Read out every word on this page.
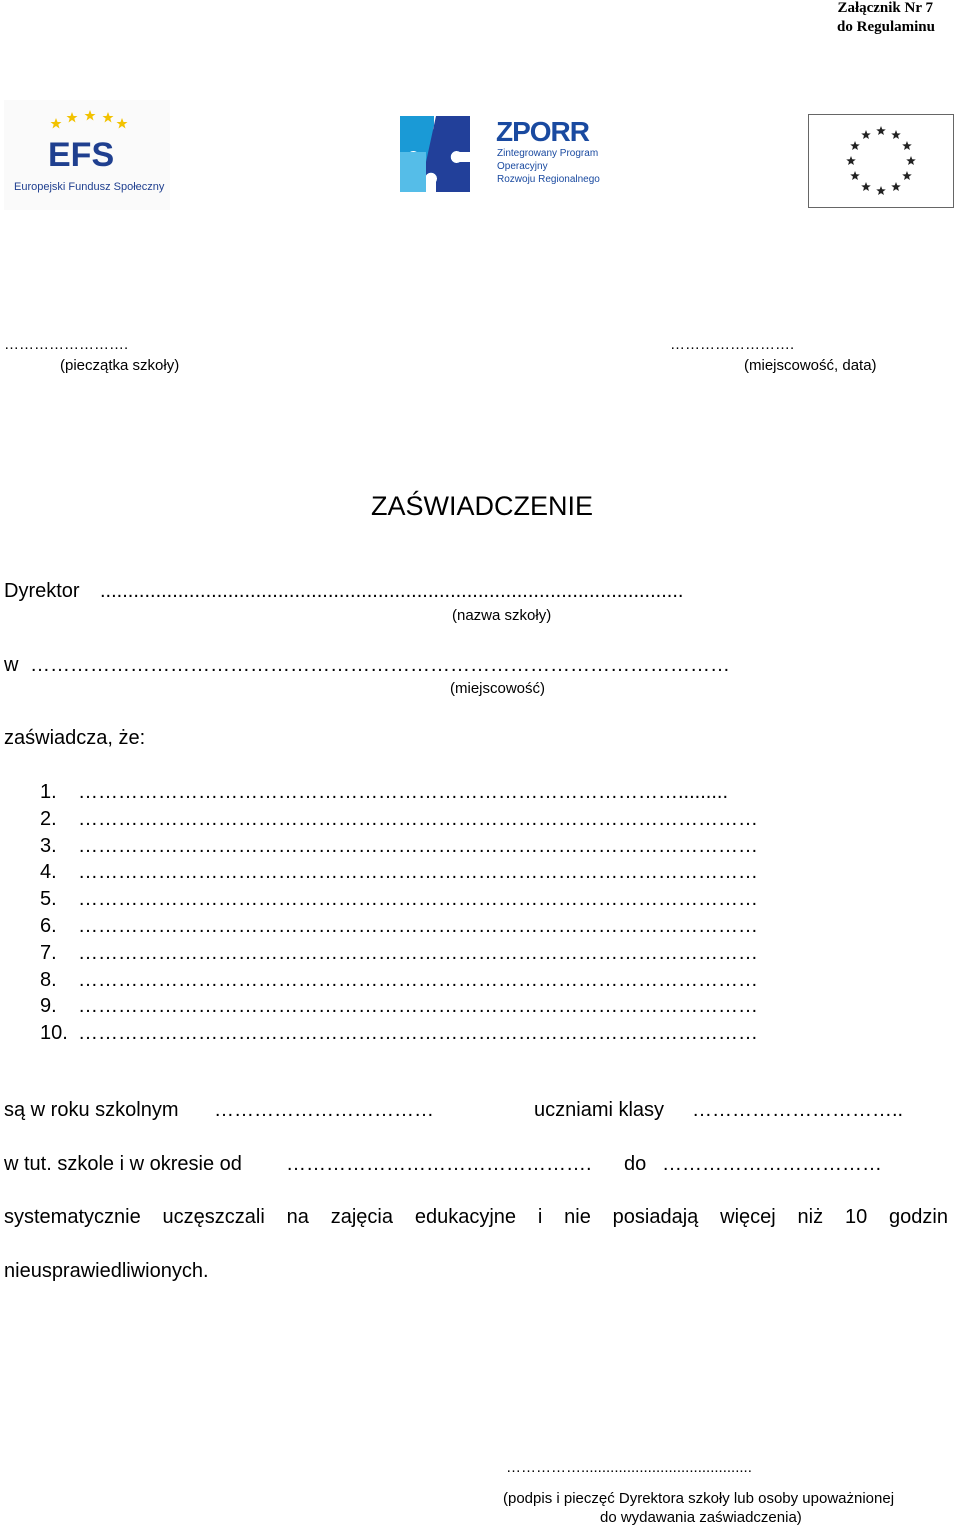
Załącznik Nr 7
do Regulaminu
EFS
Europejski Fundusz Społeczny
ZPORR
Zintegrowany Program
Operacyjny
Rozwoju Regionalnego
…………………….
(pieczątka szkoły)
…………………….
(miejscowość, data)
ZAŚWIADCZENIE
Dyrektor .........................................................................................................
(nazwa szkoły)
w ……………………………………………………………………………………………
(miejscowość)
zaświadcza, że:
1.	……………………………………………………………………………….........
2.	…………………………………………………………………………………………
3.	…………………………………………………………………………………………
4.	…………………………………………………………………………………………
5.	…………………………………………………………………………………………
6.	…………………………………………………………………………………………
7.	…………………………………………………………………………………………
8.	…………………………………………………………………………………………
9.	…………………………………………………………………………………………
10. …………………………………………………………………………………………
są w roku szkolnym ……………………………	uczniami klasy …………………………..
w tut. szkole i w okresie od ……………………………………….	do ……………………………
systematycznie uczęszczali na zajęcia edukacyjne i nie posiadają więcej niż 10 godzin
nieusprawiedliwionych.
…………….........................................
(podpis i pieczęć Dyrektora szkoły lub osoby upoważnionej
do wydawania zaświadczenia)
